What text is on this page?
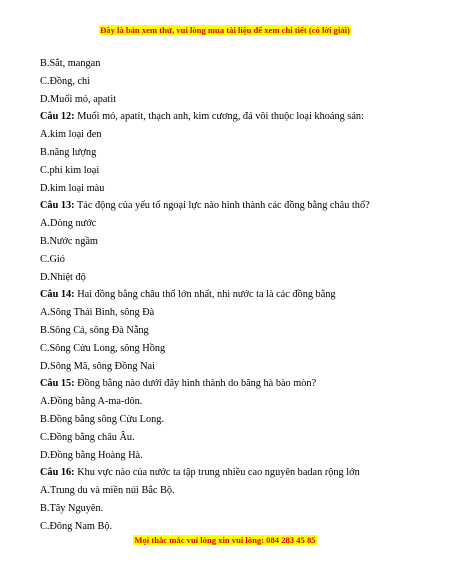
Đây là bản xem thử, vui lòng mua tài liệu để xem chi tiết (có lời giải)
B.Sắt, mangan
C.Đồng, chì
D.Muối mỏ, apatit
Câu 12: Muối mỏ, apatit, thạch anh, kim cương, đá vôi thuộc loại khoáng sản:
A.kim loại đen
B.năng lượng
C.phi kim loại
D.kim loại màu
Câu 13: Tác động của yếu tố ngoại lực nào hình thành các đồng bằng châu thổ?
A.Dòng nước
B.Nước ngầm
C.Gió
D.Nhiệt độ
Câu 14: Hai đồng bằng châu thổ lớn nhất, nhì nước ta là các đồng bằng
A.Sông Thái Bình, sông Đà
B.Sông Cả, sông Đà Nẵng
C.Sông Cửu Long, sông Hồng
D.Sông Mã, sông Đồng Nai
Câu 15: Đồng bằng nào dưới đây hình thành do băng hà bào mòn?
A.Đồng bằng A-ma-dôn.
B.Đồng bằng sông Cửu Long.
C.Đồng bằng châu Âu.
D.Đồng bằng Hoàng Hà.
Câu 16: Khu vực nào của nước ta tập trung nhiều cao nguyên badan rộng lớn
A.Trung du và miền núi Bắc Bộ.
B.Tây Nguyên.
C.Đông Nam Bộ.
Mọi thắc mắc vui lòng xin vui lòng: 084 283 45 85
